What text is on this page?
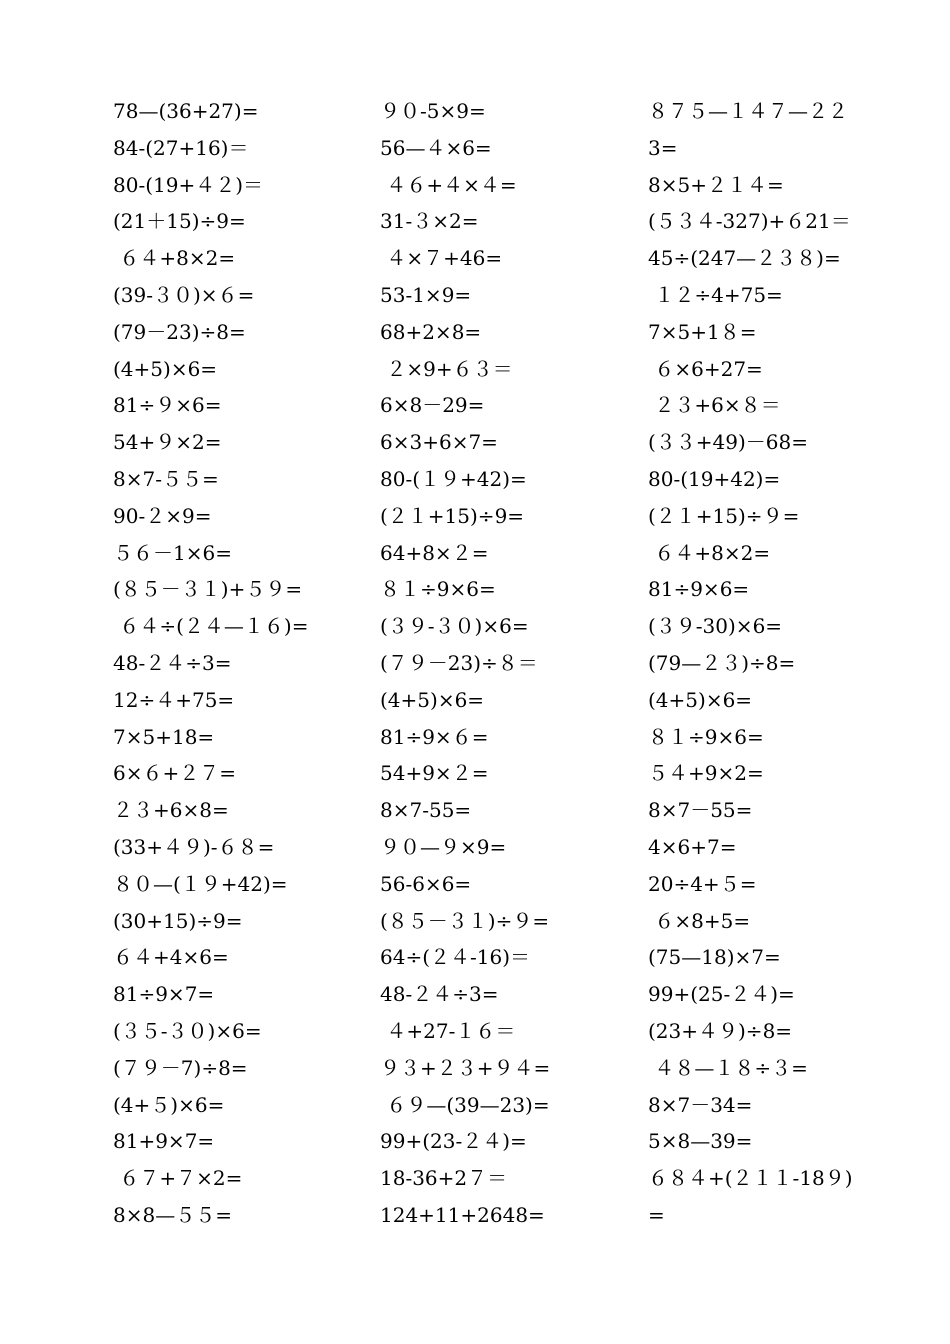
78—(36+27)=
84-(27+16)＝
80-(19+４２)＝
(21＋15)÷9=
６４+8×2=
(39-３０)×６=
(79－23)÷8=
(4+5)×6=
81÷９×6=
54+９×2=
8×7-５５=
90-２×9=
５６－1×6=
(８５－３１)+５９=
６４÷(２４—１６)=
48-２４÷3=
12÷４+75=
7×5+18=
6×６+２７=
２３+6×8=
(33+４９)-６８=
８０—(１９+42)=
(30+15)÷9=
６４+4×6=
81÷9×7=
(３５-３０)×6=
(７９－7)÷8=
(4+５)×6=
81+9×7=
６７+７×2=
8×8—５５=
９０-5×9=
56—４×6=
４６+４×４=
31-３×2=
４×７+46=
53-1×9=
68+2×8=
２×9+６３＝
6×8－29=
6×3+6×7=
80-(１９+42)=
(２１+15)÷9=
64+8×２=
８１÷9×6=
(３９-３０)×6=
(７９－23)÷８＝
(4+5)×6=
81÷9×６=
54+9×２=
8×7-55=
９０—９×9=
56-6×6=
(８５－３１)÷９=
64÷(２４-16)＝
48-２４÷3=
４+27-１６＝
９３+２３+９４=
６９—(39—23)=
99+(23-２４)=
18-36+2７＝
124+11+2648=
８７５—１４７—２２
3=
8×5+２１４=
(５３４-327)+６21＝
45÷(247—２３８)=
１２÷4+75=
7×5+1８=
６×6+27=
２３+6×８＝
(３３+49)－68=
80-(19+42)=
(２１+15)÷９=
６４+8×2=
81÷9×6=
(３９-30)×6=
(79—２３)÷8=
(4+5)×6=
８１÷9×6=
５４+9×2=
8×7－55=
4×6+7=
20÷4+５=
６×8+5=
(75—18)×7=
99+(25-２４)=
(23+４９)÷8=
４８—１８÷３=
8×7－34=
5×8—39=
６８４+(２１１-18９)
=
